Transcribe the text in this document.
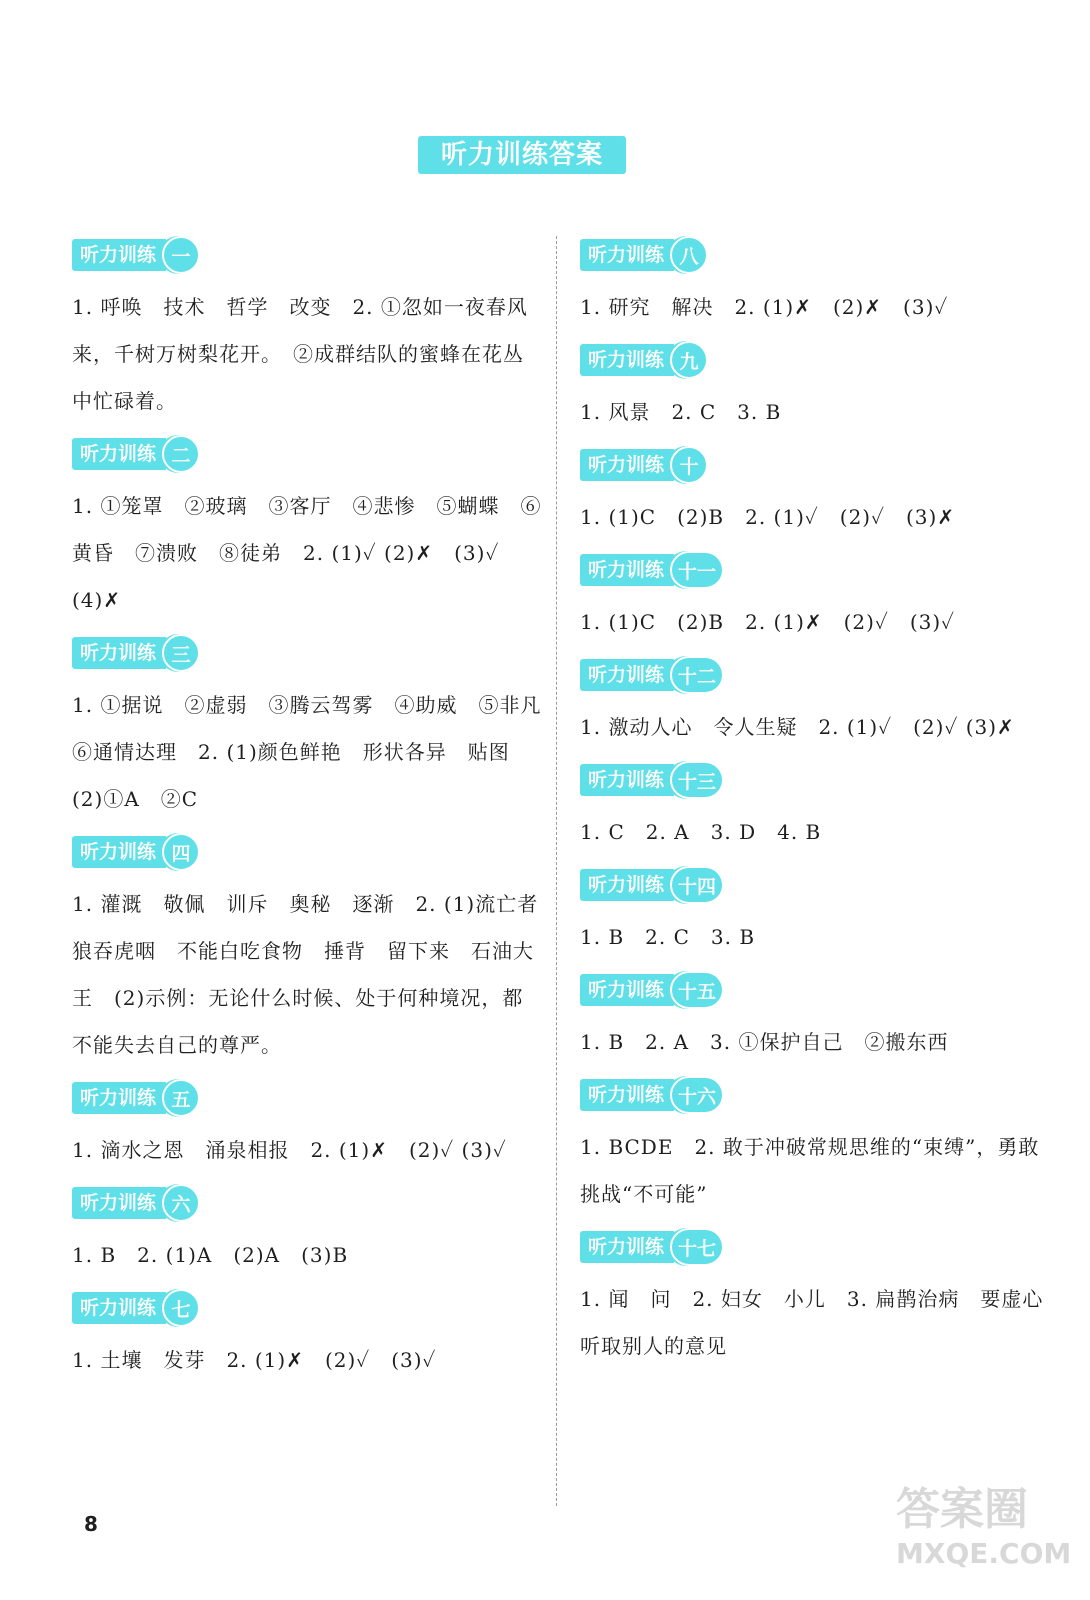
听力训练答案
听力训练 一

1. 呼唤　技术　哲学　改变　2. ①忽如一夜春风来，千树万树梨花开。　②成群结队的蜜蜂在花丛中忙碌着。

听力训练 二

1. ①笼罩　②玻璃　③客厅　④悲惨　⑤蝴蝶　⑥黄昏　⑦溃败　⑧徒弟　2. (1)✓ (2)✗　(3)✓　(4)✗

听力训练 三

1. ①据说　②虚弱　③腾云驾雾　④助威　⑤非凡　⑥通情达理　2. (1)颜色鲜艳　形状各异　贴图　(2)①A　②C

听力训练 四

1. 灌溉　敬佩　训斥　奥秘　逐渐　2. (1)流亡者　狼吞虎咽　不能白吃食物　捶背　留下来　石油大王　(2)示例：无论什么时候、处于何种境况，都不能失去自己的尊严。

听力训练 五

1. 滴水之恩　涌泉相报　2. (1)✗　(2)✓ (3)✓

听力训练 六

1. B　2. (1)A　(2)A　(3)B

听力训练 七

1. 土壤　发芽　2. (1)✗　(2)✓　(3)✓

听力训练 八

1. 研究　解决　2. (1)✗　(2)✗　(3)✓

听力训练 九

1. 风景　2. C　3. B

听力训练 十

1. (1)C　(2)B　2. (1)✓　(2)✓　(3)✗

听力训练 十一

1. (1)C　(2)B　2. (1)✗　(2)✓　(3)✓

听力训练 十二

1. 激动人心　令人生疑　2. (1)✓　(2)✓ (3)✗

听力训练 十三

1. C　2. A　3. D　4. B

听力训练 十四

1. B　2. C　3. B

听力训练 十五

1. B　2. A　3. ①保护自己　②搬东西

听力训练 十六

1. BCDE　2. 敢于冲破常规思维的“束缚”，勇敢挑战“不可能”

听力训练 十七

1. 闻　问　2. 妇女　小儿　3. 扁鹊治病　要虚心听取别人的意见

8	答案圈
MXQE.COM
